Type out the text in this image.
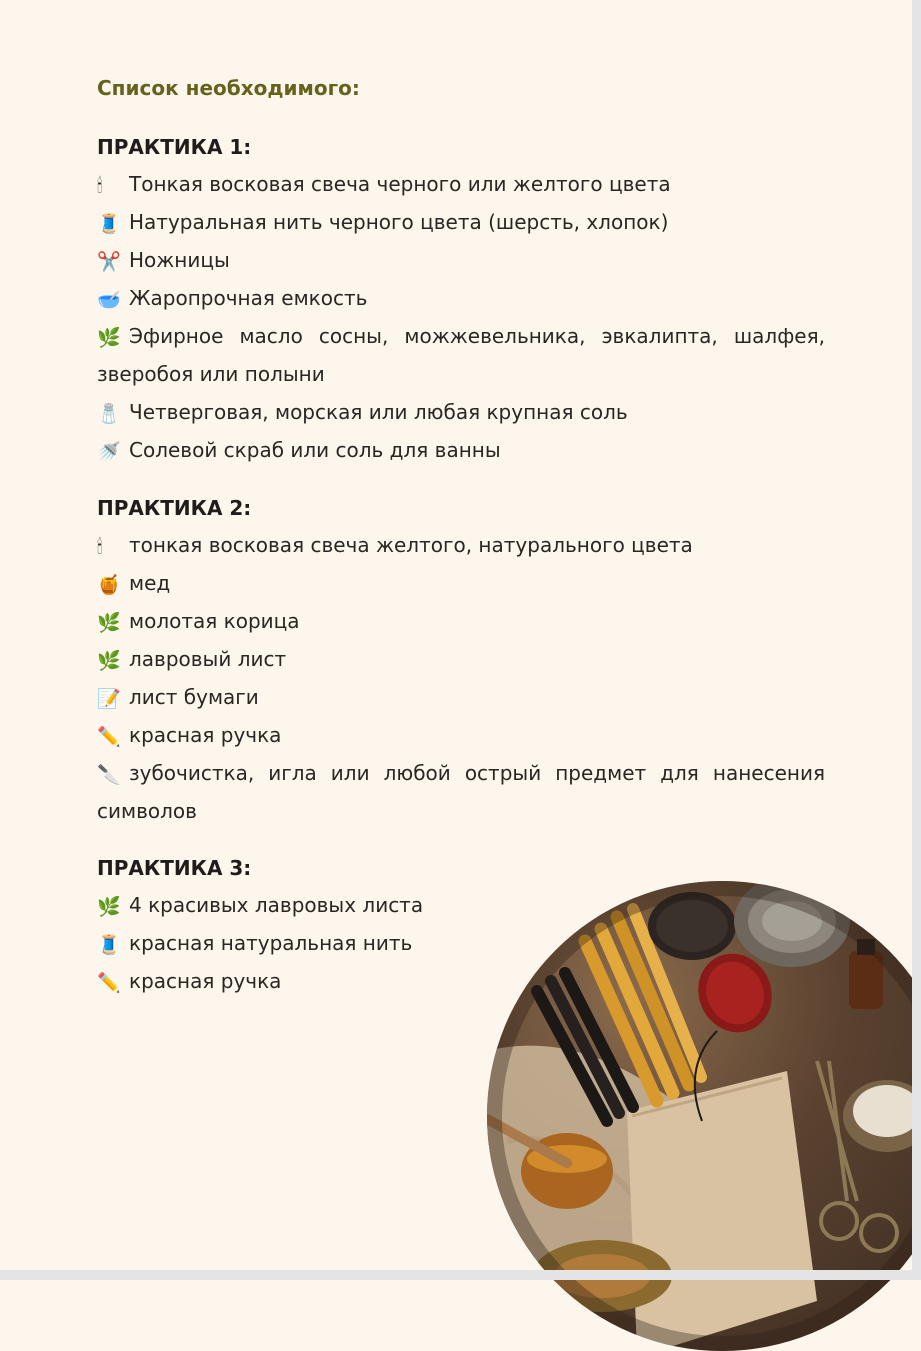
Список необходимого:
ПРАКТИКА 1:
🕯 Тонкая восковая свеча черного или желтого цвета
🧵 Натуральная нить черного цвета (шерсть, хлопок)
✂️ Ножницы
🥣 Жаропрочная емкость
🌿 Эфирное масло сосны, можжевельника, эвкалипта, шалфея, зверобоя или полыни
🧂 Четверговая, морская или любая крупная соль
🚿 Солевой скраб или соль для ванны
ПРАКТИКА 2:
🕯 тонкая восковая свеча желтого, натурального цвета
🍯 мед
🌿 молотая корица
🌿 лавровый лист
📝 лист бумаги
✏️ красная ручка
🔪 зубочистка, игла или любой острый предмет для нанесения символов
ПРАКТИКА 3:
🌿 4 красивых лавровых листа
🧵 красная натуральная нить
✏️ красная ручка
